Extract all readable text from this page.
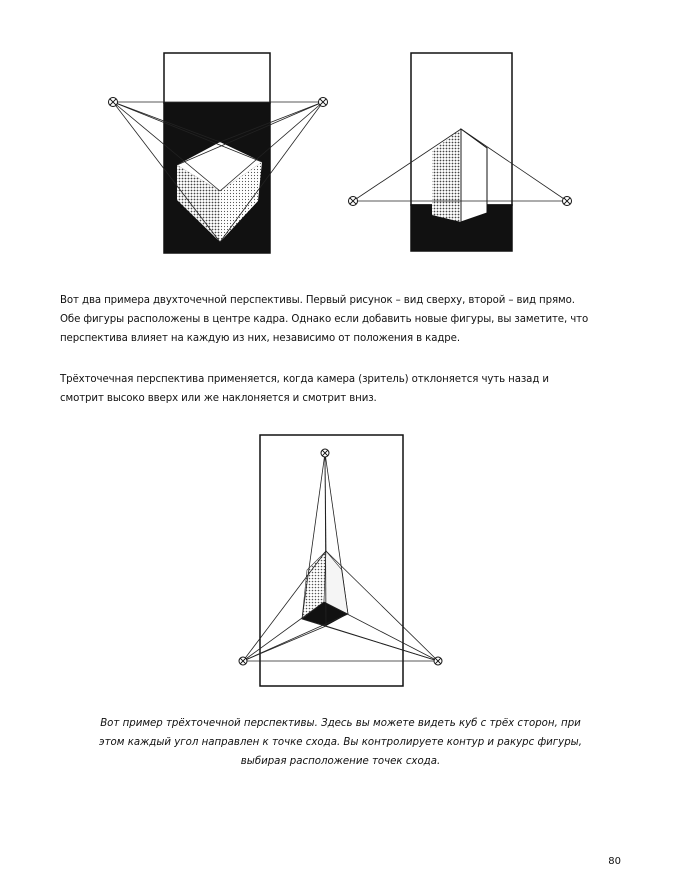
Вот два примера двухточечной перспективы. Первый рисунок – вид сверху, второй – вид прямо.
Обе фигуры расположены в центре кадра. Однако если добавить новые фигуры, вы заметите, что
перспектива влияет на каждую из них, независимо от положения в кадре.

Трёхточечная перспектива применяется, когда камера (зритель) отклоняется чуть назад и
смотрит высоко вверх или же наклоняется и смотрит вниз.

Вот пример трёхточечной перспективы. Здесь вы можете видеть куб с трёх сторон, при
этом каждый угол направлен к точке схода. Вы контролируете контур и ракурс фигуры,
выбирая расположение точек схода.

80
